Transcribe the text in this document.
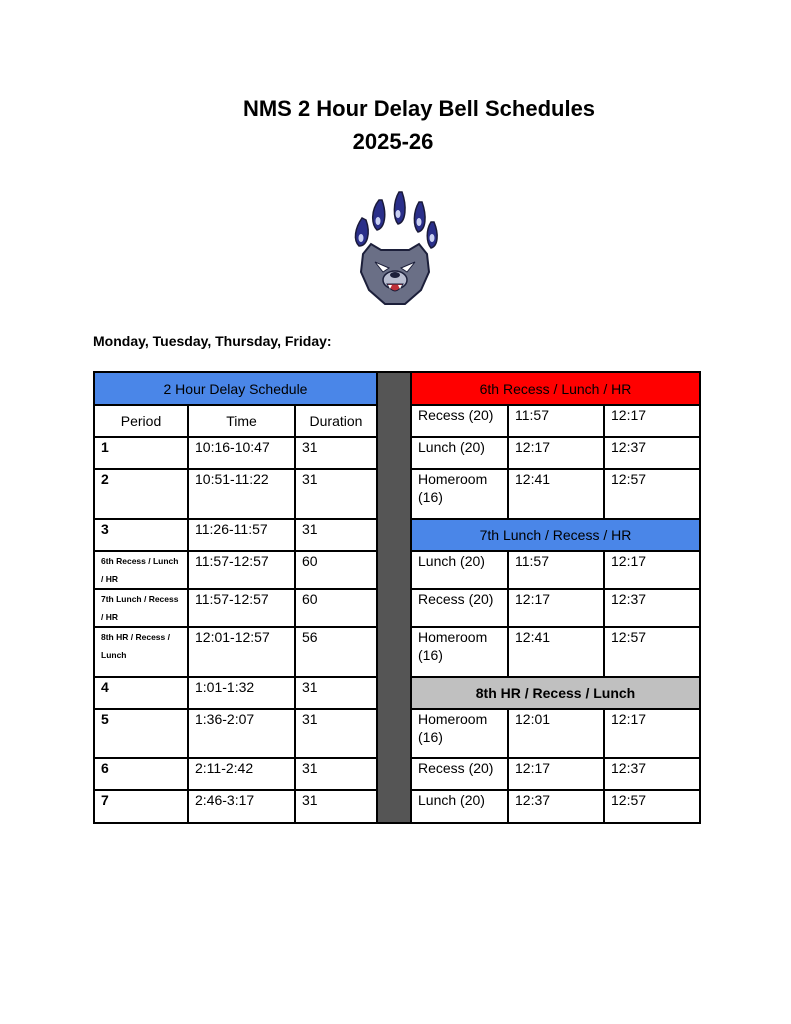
NMS 2 Hour Delay Bell Schedules

2025-26
Monday, Tuesday, Thursday, Friday:
2 Hour Delay Schedule				6th Recess / Lunch / HR		
Period	Time	Duration		Recess (20)	11:57	12:17
1	10:16-10:47	31		Lunch (20)	12:17	12:37
2	10:51-11:22	31		Homeroom (16)	12:41	12:57
3	11:26-11:57	31		7th Lunch / Recess / HR		
6th Recess / Lunch / HR	11:57-12:57	60		Lunch (20)	11:57	12:17
7th Lunch / Recess / HR	11:57-12:57	60		Recess (20)	12:17	12:37
8th HR / Recess / Lunch	12:01-12:57	56		Homeroom (16)	12:41	12:57
4	1:01-1:32	31		8th HR / Recess / Lunch		
5	1:36-2:07	31		Homeroom (16)	12:01	12:17
6	2:11-2:42	31		Recess (20)	12:17	12:37
7	2:46-3:17	31		Lunch (20)	12:37	12:57
